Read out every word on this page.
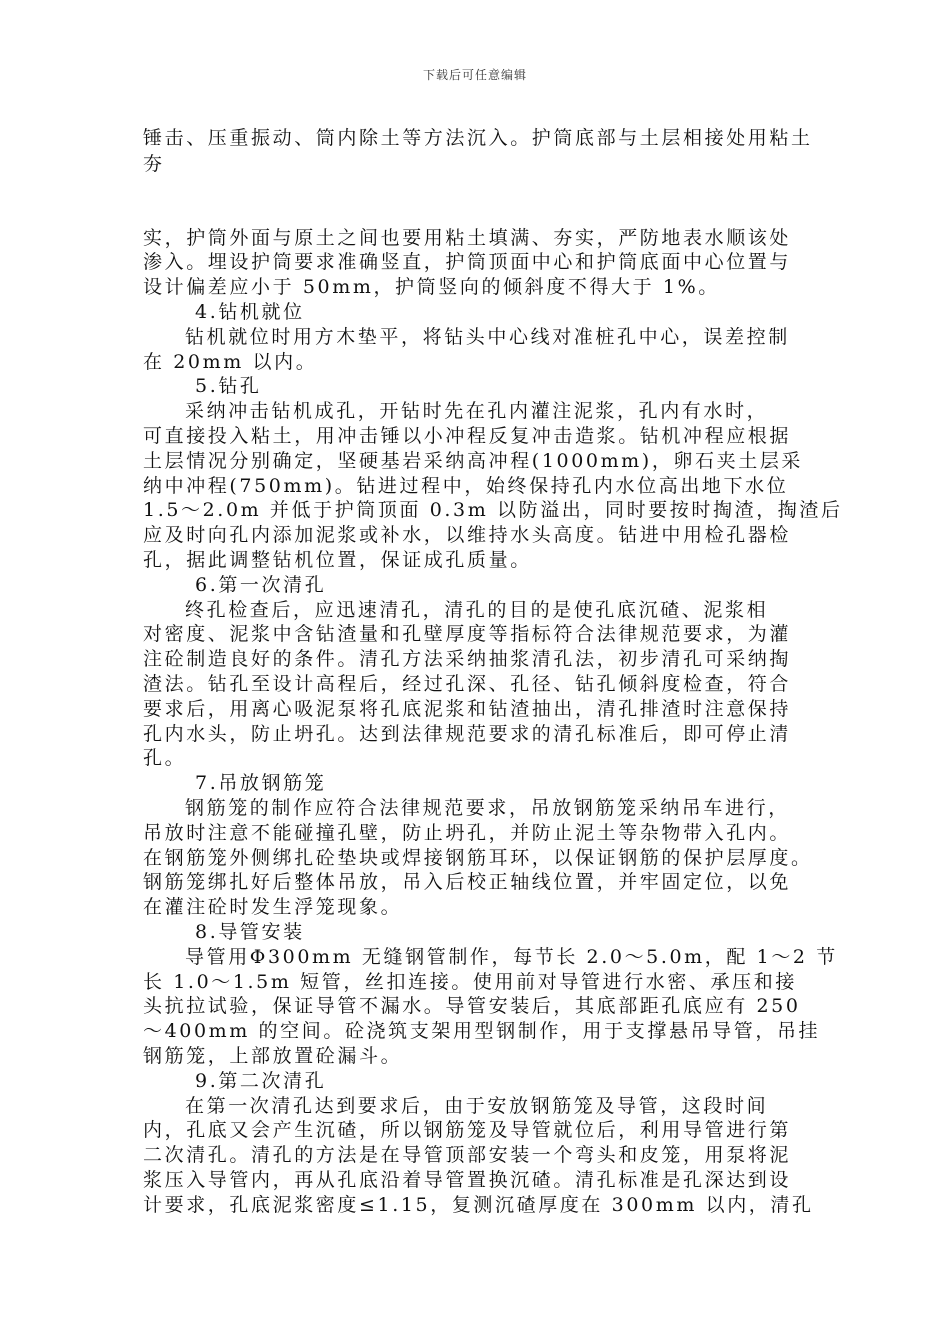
下载后可任意编辑
锤击、压重振动、筒内除土等方法沉入。护筒底部与土层相接处用粘土
夯
实，护筒外面与原土之间也要用粘土填满、夯实，严防地表水顺该处
渗入。埋设护筒要求准确竖直，护筒顶面中心和护筒底面中心位置与
设计偏差应小于 50mm，护筒竖向的倾斜度不得大于 1%。
4.钻机就位
钻机就位时用方木垫平，将钻头中心线对准桩孔中心，误差控制
在 20mm 以内。
5.钻孔
采纳冲击钻机成孔，开钻时先在孔内灌注泥浆，孔内有水时，
可直接投入粘土，用冲击锤以小冲程反复冲击造浆。钻机冲程应根据
土层情况分别确定，坚硬基岩采纳高冲程(1000mm)，卵石夹土层采
纳中冲程(750mm)。钻进过程中，始终保持孔内水位高出地下水位
1.5～2.0m 并低于护筒顶面 0.3m 以防溢出，同时要按时掏渣，掏渣后
应及时向孔内添加泥浆或补水，以维持水头高度。钻进中用检孔器检
孔，据此调整钻机位置，保证成孔质量。
6.第一次清孔
终孔检查后，应迅速清孔，清孔的目的是使孔底沉碴、泥浆相
对密度、泥浆中含钻渣量和孔壁厚度等指标符合法律规范要求，为灌
注砼制造良好的条件。清孔方法采纳抽浆清孔法，初步清孔可采纳掏
渣法。钻孔至设计高程后，经过孔深、孔径、钻孔倾斜度检查，符合
要求后，用离心吸泥泵将孔底泥浆和钻渣抽出，清孔排渣时注意保持
孔内水头，防止坍孔。达到法律规范要求的清孔标准后，即可停止清
孔。
7.吊放钢筋笼
钢筋笼的制作应符合法律规范要求，吊放钢筋笼采纳吊车进行，
吊放时注意不能碰撞孔壁，防止坍孔，并防止泥土等杂物带入孔内。
在钢筋笼外侧绑扎砼垫块或焊接钢筋耳环，以保证钢筋的保护层厚度。
钢筋笼绑扎好后整体吊放，吊入后校正轴线位置，并牢固定位，以免
在灌注砼时发生浮笼现象。
8.导管安装
导管用Φ300mm 无缝钢管制作，每节长 2.0～5.0m，配 1～2 节
长 1.0～1.5m 短管，丝扣连接。使用前对导管进行水密、承压和接
头抗拉试验，保证导管不漏水。导管安装后，其底部距孔底应有 250
～400mm 的空间。砼浇筑支架用型钢制作，用于支撑悬吊导管，吊挂
钢筋笼，上部放置砼漏斗。
9.第二次清孔
在第一次清孔达到要求后，由于安放钢筋笼及导管，这段时间
内，孔底又会产生沉碴，所以钢筋笼及导管就位后，利用导管进行第
二次清孔。清孔的方法是在导管顶部安装一个弯头和皮笼，用泵将泥
浆压入导管内，再从孔底沿着导管置换沉碴。清孔标准是孔深达到设
计要求，孔底泥浆密度≤1.15，复测沉碴厚度在 300mm 以内，清孔
